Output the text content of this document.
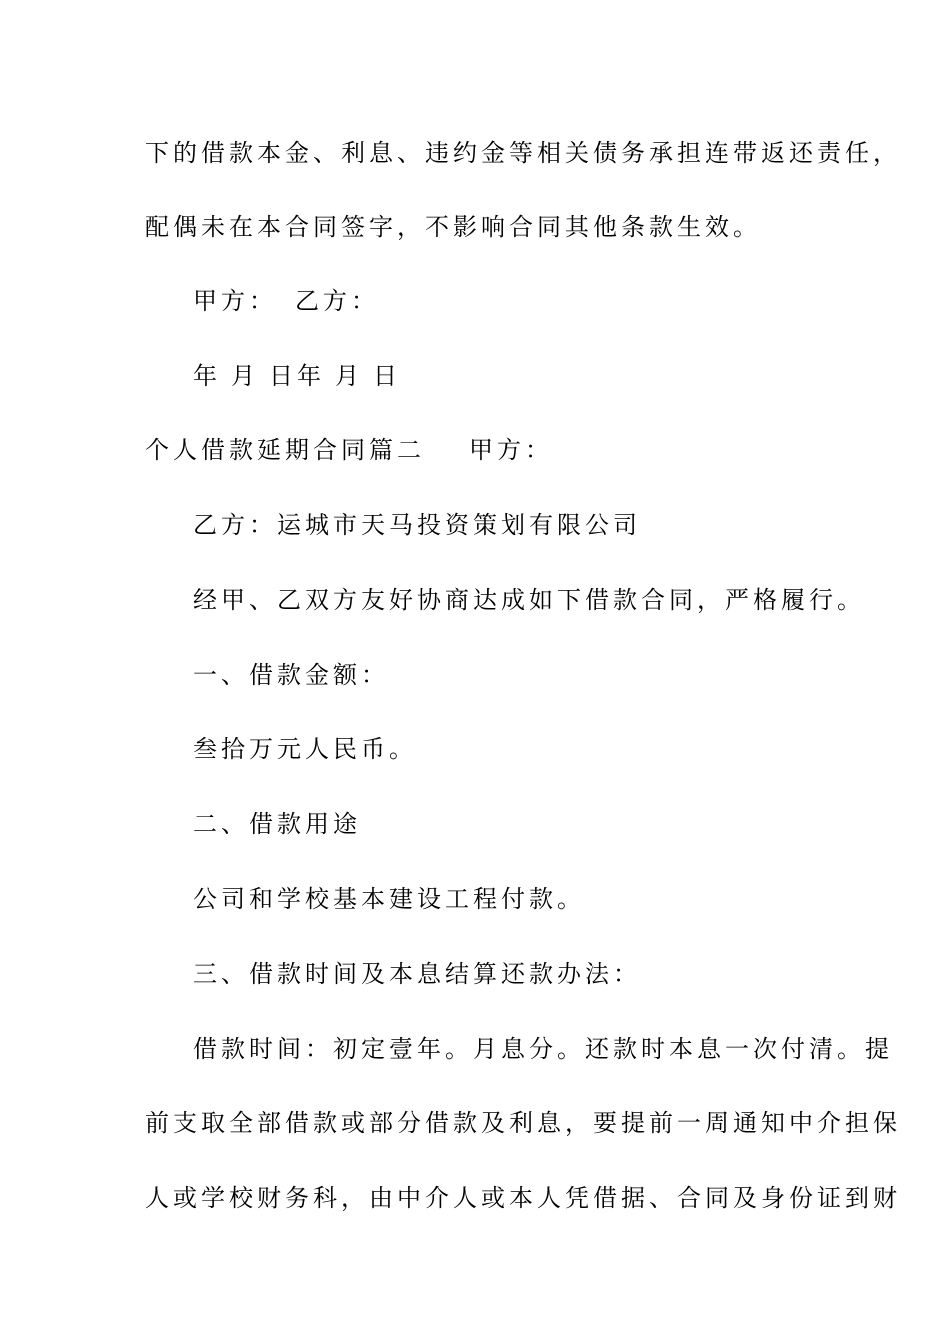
下的借款本金、利息、违约金等相关债务承担连带返还责任，
配偶未在本合同签字，不影响合同其他条款生效。
甲方： 乙方：
年 月 日年 月 日
个人借款延期合同篇二 甲方：
乙方：运城市天马投资策划有限公司
经甲、乙双方友好协商达成如下借款合同，严格履行。
一、借款金额：
叁拾万元人民币。
二、借款用途
公司和学校基本建设工程付款。
三、借款时间及本息结算还款办法：
借款时间：初定壹年。月息分。还款时本息一次付清。提
前支取全部借款或部分借款及利息，要提前一周通知中介担保
人或学校财务科，由中介人或本人凭借据、合同及身份证到财
